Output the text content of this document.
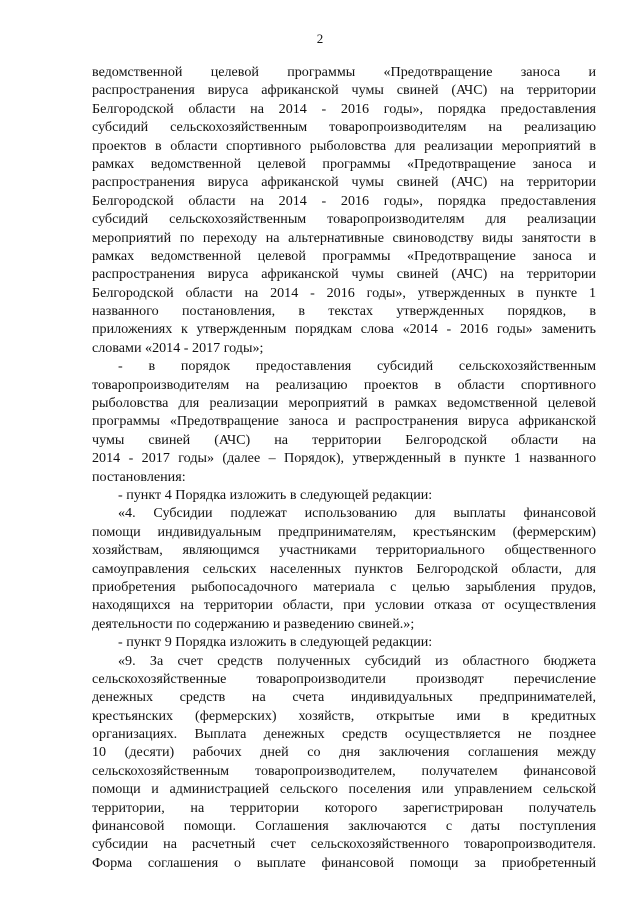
2
ведомственной целевой программы «Предотвращение заноса и
распространения вируса африканской чумы свиней (АЧС) на территории
Белгородской области на 2014 - 2016 годы», порядка предоставления
субсидий сельскохозяйственным товаропроизводителям на реализацию
проектов в области спортивного рыболовства для реализации мероприятий в
рамках ведомственной целевой программы «Предотвращение заноса и
распространения вируса африканской чумы свиней (АЧС) на территории
Белгородской области на 2014 - 2016 годы», порядка предоставления
субсидий сельскохозяйственным товаропроизводителям для реализации
мероприятий по переходу на альтернативные свиноводству виды занятости в
рамках ведомственной целевой программы «Предотвращение заноса и
распространения вируса африканской чумы свиней (АЧС) на территории
Белгородской области на 2014 - 2016 годы», утвержденных в пункте 1
названного постановления, в текстах утвержденных порядков, в
приложениях к утвержденным порядкам слова «2014 - 2016 годы» заменить
словами «2014 - 2017 годы»;
- в порядок предоставления субсидий сельскохозяйственным
товаропроизводителям на реализацию проектов в области спортивного
рыболовства для реализации мероприятий в рамках ведомственной целевой
программы «Предотвращение заноса и распространения вируса африканской
чумы свиней (АЧС) на территории Белгородской области на
2014 - 2017 годы» (далее – Порядок), утвержденный в пункте 1 названного
постановления:
- пункт 4 Порядка изложить в следующей редакции:
«4. Субсидии подлежат использованию для выплаты финансовой
помощи индивидуальным предпринимателям, крестьянским (фермерским)
хозяйствам, являющимся участниками территориального общественного
самоуправления сельских населенных пунктов Белгородской области, для
приобретения рыбопосадочного материала с целью зарыбления прудов,
находящихся на территории области, при условии отказа от осуществления
деятельности по содержанию и разведению свиней.»;
- пункт 9 Порядка изложить в следующей редакции:
«9. За счет средств полученных субсидий из областного бюджета
сельскохозяйственные товаропроизводители производят перечисление
денежных средств на счета индивидуальных предпринимателей,
крестьянских (фермерских) хозяйств, открытые ими в кредитных
организациях. Выплата денежных средств осуществляется не позднее
10 (десяти) рабочих дней со дня заключения соглашения между
сельскохозяйственным товаропроизводителем, получателем финансовой
помощи и администрацией сельского поселения или управлением сельской
территории, на территории которого зарегистрирован получатель
финансовой помощи. Соглашения заключаются с даты поступления
субсидии на расчетный счет сельскохозяйственного товаропроизводителя.
Форма соглашения о выплате финансовой помощи за приобретенный
